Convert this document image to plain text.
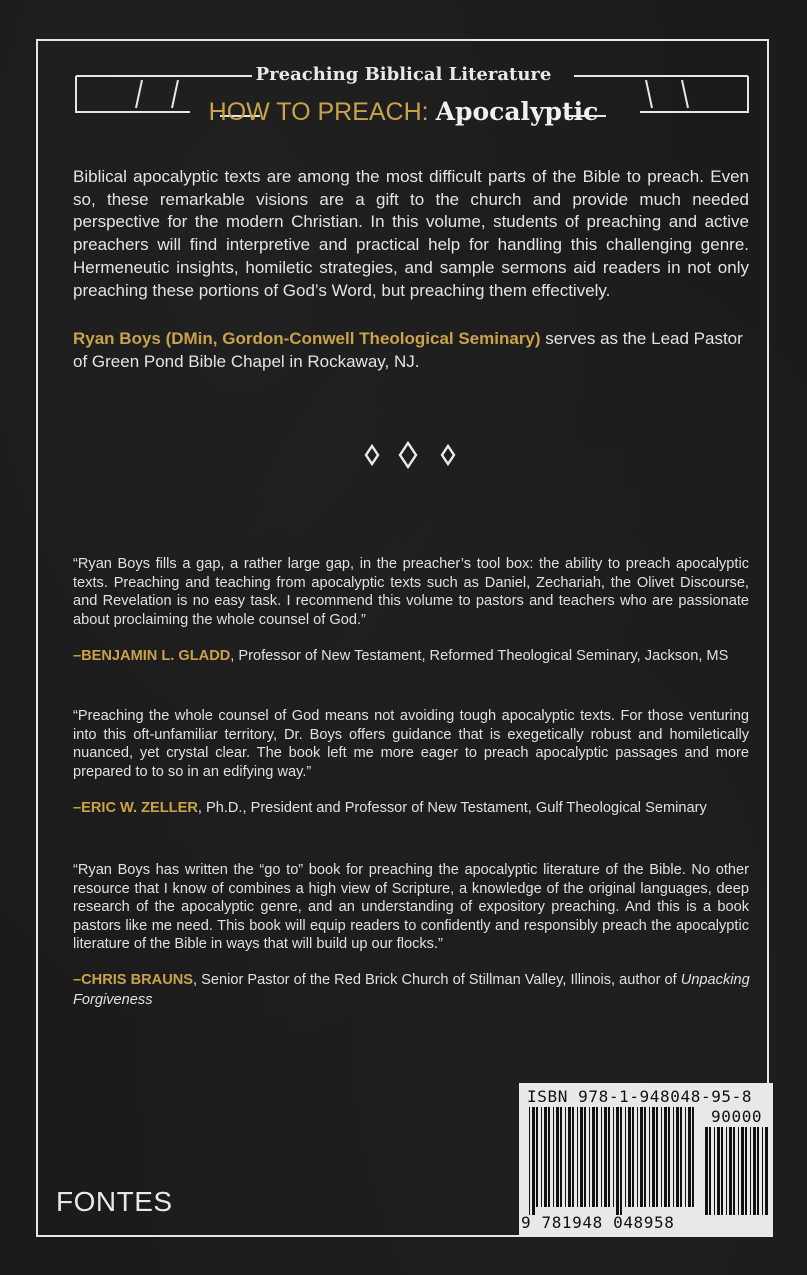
Preaching Biblical Literature
HOW TO PREACH: Apocalyptic
Biblical apocalyptic texts are among the most difficult parts of the Bible to preach. Even so, these remarkable visions are a gift to the church and provide much needed perspective for the modern Christian. In this volume, students of preaching and active preachers will find interpretive and practical help for handling this challenging genre. Hermeneutic insights, homiletic strategies, and sample sermons aid readers in not only preaching these portions of God’s Word, but preaching them effectively.
Ryan Boys (DMin, Gordon-Conwell Theological Seminary) serves as the Lead Pastor of Green Pond Bible Chapel in Rockaway, NJ.
“Ryan Boys fills a gap, a rather large gap, in the preacher’s tool box: the ability to preach apocalyptic texts. Preaching and teaching from apocalyptic texts such as Daniel, Zechariah, the Olivet Discourse, and Revelation is no easy task. I recommend this volume to pastors and teachers who are passionate about proclaiming the whole counsel of God.”
–BENJAMIN L. GLADD, Professor of New Testament, Reformed Theological Seminary, Jackson, MS
“Preaching the whole counsel of God means not avoiding tough apocalyptic texts. For those venturing into this oft-unfamiliar territory, Dr. Boys offers guidance that is exegetically robust and homiletically nuanced, yet crystal clear. The book left me more eager to preach apocalyptic passages and more prepared to to so in an edifying way.”
–ERIC W. ZELLER, Ph.D., President and Professor of New Testament, Gulf Theological Seminary
“Ryan Boys has written the “go to” book for preaching the apocalyptic literature of the Bible. No other resource that I know of combines a high view of Scripture, a knowledge of the original languages, deep research of the apocalyptic genre, and an understanding of expository preaching. And this is a book pastors like me need. This book will equip readers to confidently and responsibly preach the apocalyptic literature of the Bible in ways that will build up our flocks.”
–CHRIS BRAUNS, Senior Pastor of the Red Brick Church of Stillman Valley, Illinois, author of Unpacking Forgiveness
FONTES
ISBN 978-1-948048-95-8
90000
9 781948 048958
